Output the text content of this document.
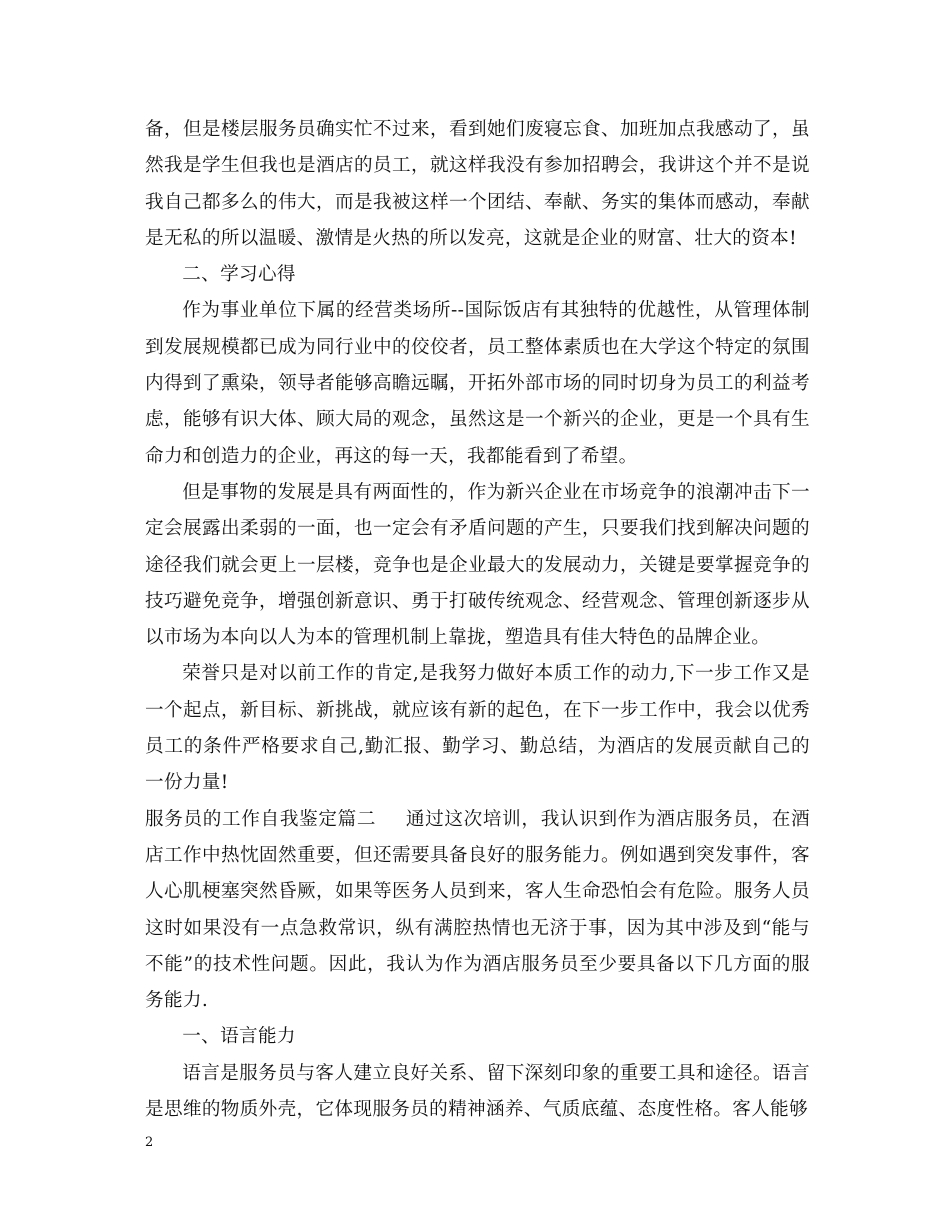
备，但是楼层服务员确实忙不过来，看到她们废寝忘食、加班加点我感动了，虽然我是学生但我也是酒店的员工，就这样我没有参加招聘会，我讲这个并不是说我自己都多么的伟大，而是我被这样一个团结、奉献、务实的集体而感动，奉献是无私的所以温暖、激情是火热的所以发亮，这就是企业的财富、壮大的资本!

二、学习心得

作为事业单位下属的经营类场所--国际饭店有其独特的优越性，从管理体制到发展规模都已成为同行业中的佼佼者，员工整体素质也在大学这个特定的氛围内得到了熏染，领导者能够高瞻远瞩，开拓外部市场的同时切身为员工的利益考虑，能够有识大体、顾大局的观念，虽然这是一个新兴的企业，更是一个具有生命力和创造力的企业，再这的每一天，我都能看到了希望。

但是事物的发展是具有两面性的，作为新兴企业在市场竞争的浪潮冲击下一定会展露出柔弱的一面，也一定会有矛盾问题的产生，只要我们找到解决问题的途径我们就会更上一层楼，竞争也是企业最大的发展动力，关键是要掌握竞争的技巧避免竞争，增强创新意识、勇于打破传统观念、经营观念、管理创新逐步从以市场为本向以人为本的管理机制上靠拢，塑造具有佳大特色的品牌企业。

荣誉只是对以前工作的肯定,是我努力做好本质工作的动力,下一步工作又是一个起点，新目标、新挑战，就应该有新的起色，在下一步工作中，我会以优秀员工的条件严格要求自己,勤汇报、勤学习、勤总结，为酒店的发展贡献自己的一份力量!

服务员的工作自我鉴定篇二 通过这次培训，我认识到作为酒店服务员，在酒店工作中热忱固然重要，但还需要具备良好的服务能力。例如遇到突发事件，客人心肌梗塞突然昏厥，如果等医务人员到来，客人生命恐怕会有危险。服务人员这时如果没有一点急救常识，纵有满腔热情也无济于事，因为其中涉及到“能与不能”的技术性问题。因此，我认为作为酒店服务员至少要具备以下几方面的服务能力.

一、语言能力

语言是服务员与客人建立良好关系、留下深刻印象的重要工具和途径。语言是思维的物质外壳，它体现服务员的精神涵养、气质底蕴、态度性格。客人能够

2
